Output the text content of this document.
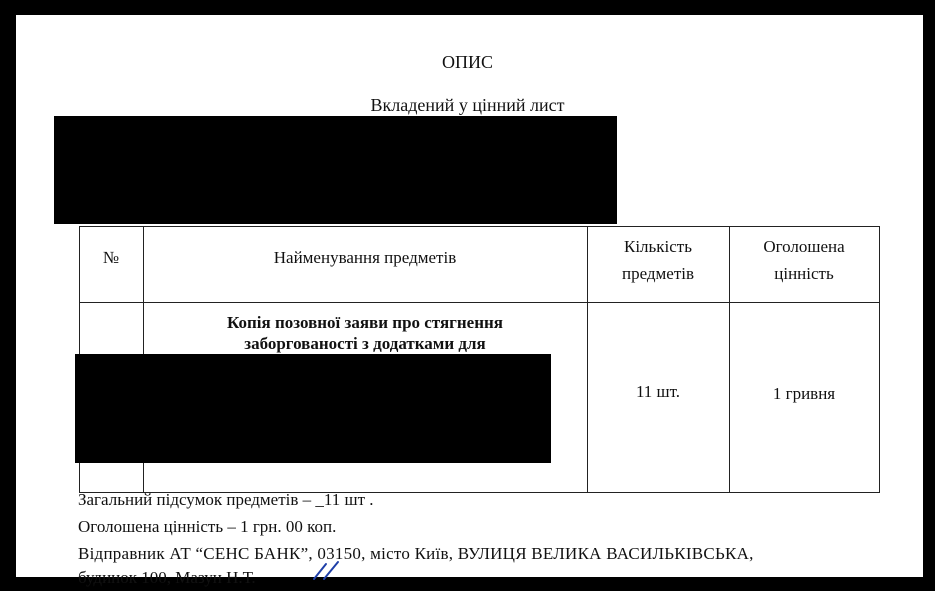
ОПИС
Вкладений у цінний лист
№	Найменування предметів
Кількість
предметів
Оголошена
цінність
Копія позовної заяви про стягнення
заборгованості з додатками для
11 шт.	1 гривня
Загальний підсумок предметів – _11 шт .
Оголошена цінність – 1 грн. 00 коп.
Відправник АТ “СЕНС БАНК”, 03150, місто Київ, ВУЛИЦЯ ВЕЛИКА ВАСИЛЬКІВСЬКА,
будинок 100, Мазун Н.Т.
